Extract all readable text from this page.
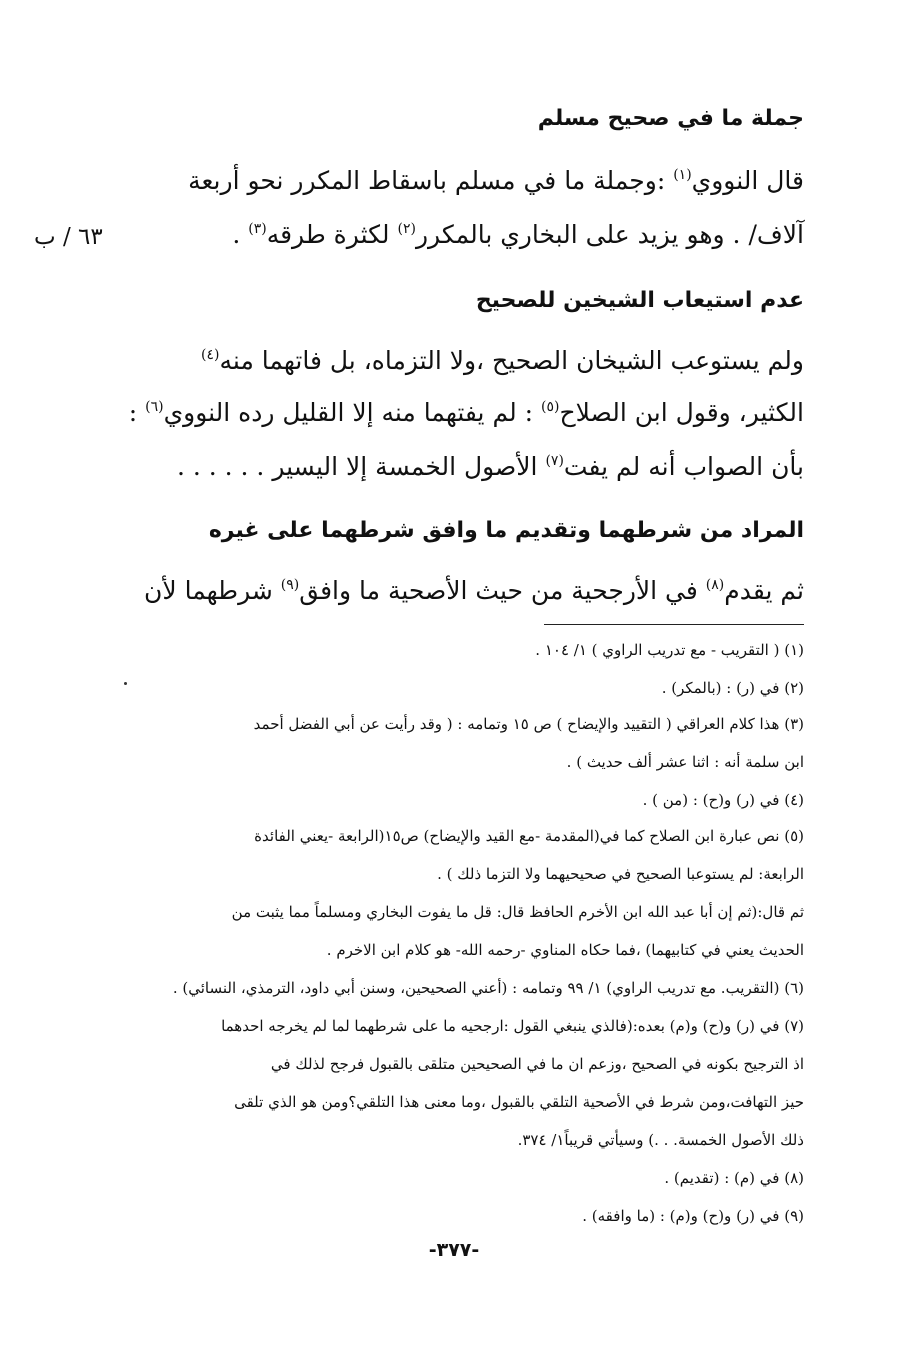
٦٣ / ب
جملة ما في صحيح مسلم
قال النووي$^{(١)}$ :وجملة ما في مسلم باسقاط المكرر نحو أربعة
آلاف/ . وهو يزيد على البخاري بالمكرر$^{(٢)}$ لكثرة طرقه$^{(٣)}$ .
عدم استيعاب الشيخين للصحيح
ولم يستوعب الشيخان الصحيح ،ولا التزماه، بل فاتهما منه$^{(٤)}$
الكثير، وقول ابن الصلاح$^{(٥)}$ : لم يفتهما منه إلا القليل رده النووي$^{(٦)}$ :
بأن الصواب أنه لم يفت$^{(٧)}$ الأصول الخمسة إلا اليسير . . . . . .
المراد من شرطهما وتقديم ما وافق شرطهما على غيره
ثم يقدم$^{(٨)}$ في الأرجحية من حيث الأصحية ما وافق$^{(٩)}$ شرطهما لأن
(١) ( التقريب - مع تدريب الراوي ) ١/ ١٠٤ .
(٢) في (ر) : (بالمكر) .
(٣) هذا كلام العراقي ( التقييد والإيضاح ) ص ١٥ وتمامه : ( وقد رأيت عن أبي الفضل أحمد
ابن سلمة أنه : اثنا عشر ألف حديث ) .
(٤) في (ر) و(ح) : (من ) .
(٥) نص عبارة ابن الصلاح كما في(المقدمة -مع القيد والإيضاح) ص١٥(الرابعة -يعني الفائدة
الرابعة: لم يستوعبا الصحيح في صحيحيهما ولا التزما ذلك ) .
ثم قال:(ثم إن أبا عبد الله ابن الأخرم الحافظ قال: قل ما يفوت البخاري ومسلماً مما يثبت من
الحديث يعني في كتابيهما) ،فما حكاه المناوي -رحمه الله- هو كلام ابن الاخرم .
(٦) (التقريب. مع تدريب الراوي) ١/ ٩٩ وتمامه : (أعني الصحيحين، وسنن أبي داود، الترمذي، النسائي) .
(٧) في (ر) و(ح) و(م) بعده:(فالذي ينبغي القول :ارجحيه ما على شرطهما لما لم يخرجه احدهما
اذ الترجيح بكونه في الصحيح ،وزعم ان ما في الصحيحين متلقى بالقبول فرجح لذلك في
حيز التهافت،ومن شرط في الأصحية التلقي بالقبول ،وما معنى هذا التلقي؟ومن هو الذي تلقى
ذلك الأصول الخمسة. . .) وسيأتي قريباً١/ ٣٧٤.
(٨) في (م) : (تقديم) .
(٩) في (ر) و(ح) و(م) : (ما وافقه) .
-٣٧٧-
